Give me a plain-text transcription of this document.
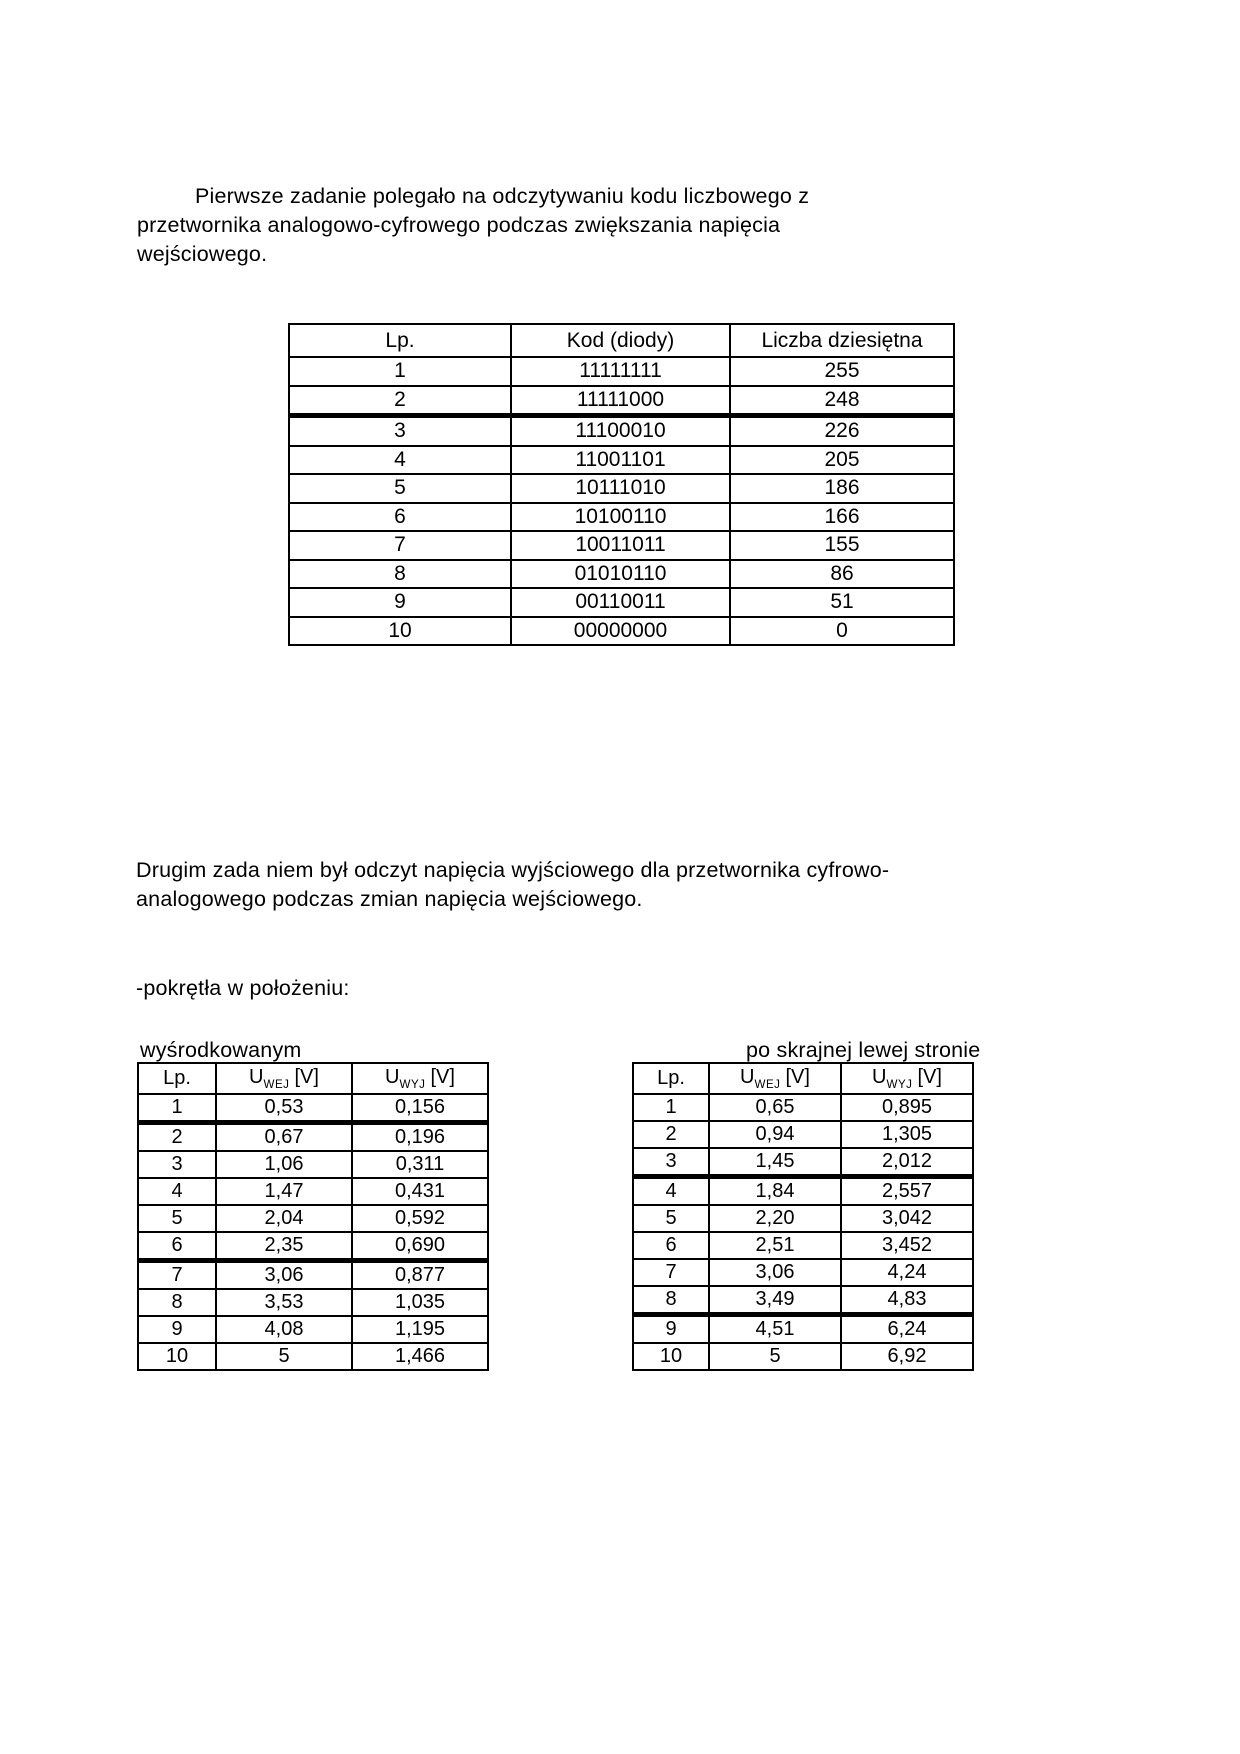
Pierwsze zadanie polegało na odczytywaniu kodu liczbowego z przetwornika analogowo-cyfrowego podczas zwiększania napięcia wejściowego.

Lp.	Kod (diody)	Liczba dziesiętna
1	11111111	255
2	11111000	248
3	11100010	226
4	11001101	205
5	10111010	186
6	10100110	166
7	10011011	155
8	01010110	86
9	00110011	51
10	00000000	0

Drugim zada niem był odczyt napięcia wyjściowego dla przetwornika cyfrowo-analogowego podczas zmian napięcia wejściowego.

-pokrętła w położeniu:

wyśrodkowanym	po skrajnej lewej stronie

Lp.	$U_{WEJ}$ [V]	$U_{WYJ}$ [V]
1	0,53	0,156
2	0,67	0,196
3	1,06	0,311
4	1,47	0,431
5	2,04	0,592
6	2,35	0,690
7	3,06	0,877
8	3,53	1,035
9	4,08	1,195
10	5	1,466
Lp.	$U_{WEJ}$ [V]	$U_{WYJ}$ [V]
1	0,65	0,895
2	0,94	1,305
3	1,45	2,012
4	1,84	2,557
5	2,20	3,042
6	2,51	3,452
7	3,06	4,24
8	3,49	4,83
9	4,51	6,24
10	5	6,92
